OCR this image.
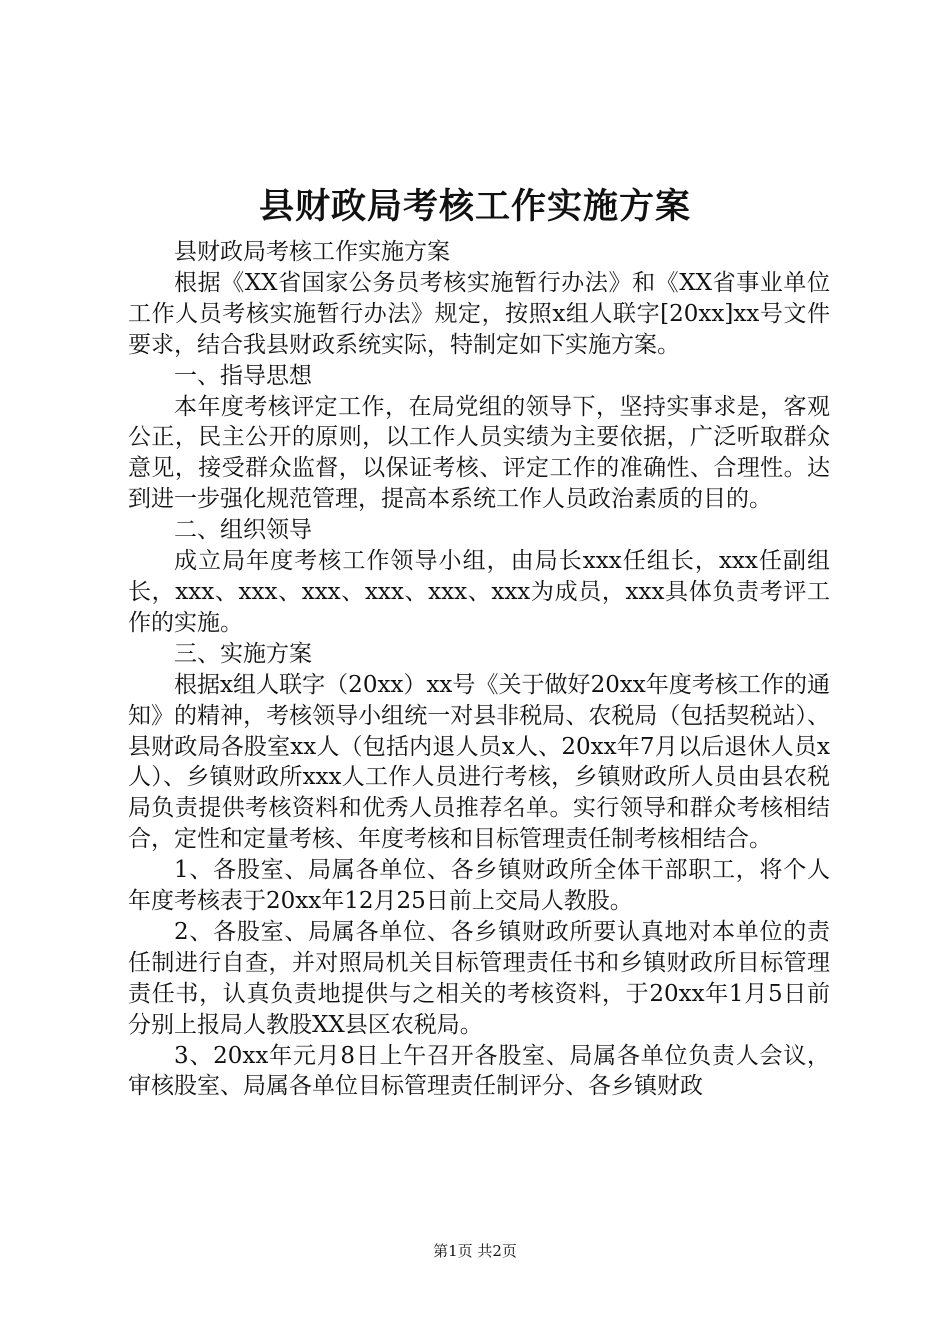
县财政局考核工作实施方案

县财政局考核工作实施方案

根据《XX省国家公务员考核实施暂行办法》和《XX省事业单位工作人员考核实施暂行办法》规定，按照x组人联字[20xx]xx号文件要求，结合我县财政系统实际，特制定如下实施方案。

一、指导思想

本年度考核评定工作，在局党组的领导下，坚持实事求是，客观公正，民主公开的原则，以工作人员实绩为主要依据，广泛听取群众意见，接受群众监督，以保证考核、评定工作的准确性、合理性。达到进一步强化规范管理，提高本系统工作人员政治素质的目的。

二、组织领导

成立局年度考核工作领导小组，由局长xxx任组长，xxx任副组长，xxx、xxx、xxx、xxx、xxx、xxx为成员，xxx具体负责考评工作的实施。

三、实施方案

根据x组人联字（20xx）xx号《关于做好20xx年度考核工作的通知》的精神，考核领导小组统一对县非税局、农税局（包括契税站）、县财政局各股室xx人（包括内退人员x人、20xx年7月以后退休人员x人）、乡镇财政所xxx人工作人员进行考核，乡镇财政所人员由县农税局负责提供考核资料和优秀人员推荐名单。实行领导和群众考核相结合，定性和定量考核、年度考核和目标管理责任制考核相结合。

1、各股室、局属各单位、各乡镇财政所全体干部职工，将个人年度考核表于20xx年12月25日前上交局人教股。

2、各股室、局属各单位、各乡镇财政所要认真地对本单位的责任制进行自查，并对照局机关目标管理责任书和乡镇财政所目标管理责任书，认真负责地提供与之相关的考核资料，于20xx年1月5日前分别上报局人教股XX县区农税局。

3、20xx年元月8日上午召开各股室、局属各单位负责人会议，审核股室、局属各单位目标管理责任制评分、各乡镇财政

第1页 共2页
